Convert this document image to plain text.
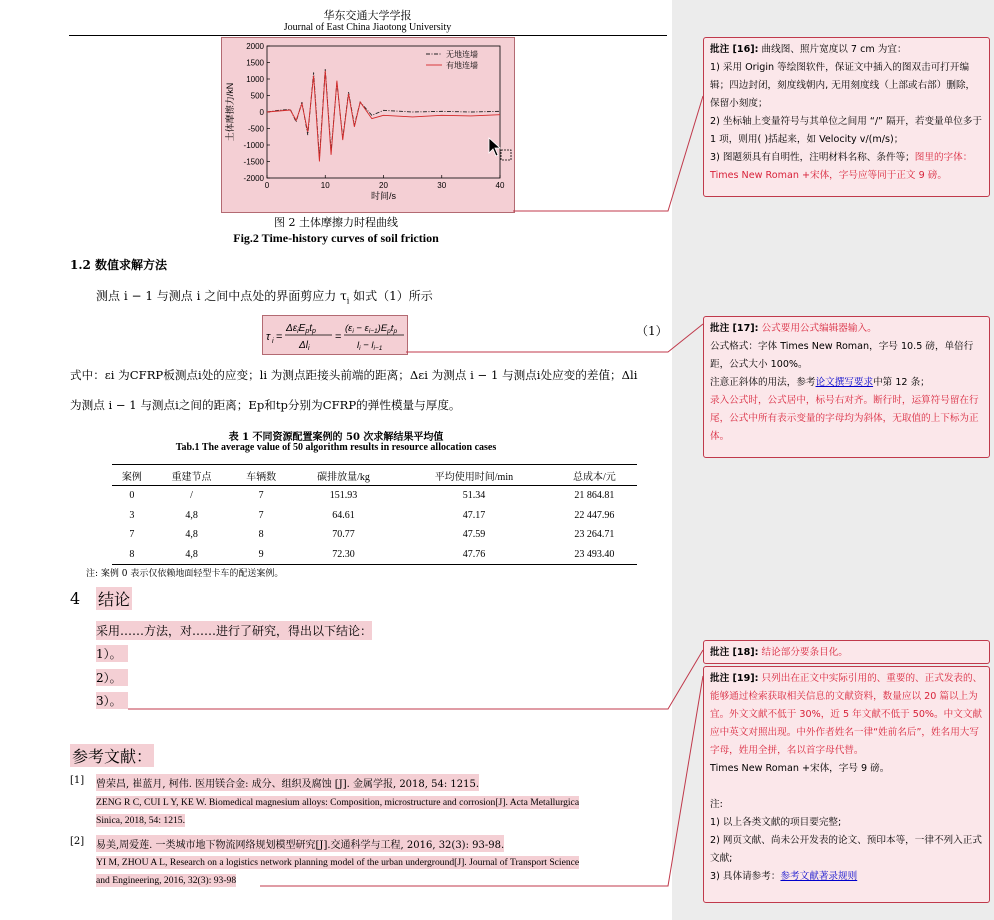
华东交通大学学报
Journal of East China Jiaotong University
0	10	20	30	40
2000
1500
1000
500
0
-500
-1000
-1500
-2000
时间/s
土体摩擦力/kN
无地连墙
有地连墙
图 2 土体摩擦力时程曲线
Fig.2 Time-history curves of soil friction
1.2 数值求解方法
测点 i − 1 与测点 i 之间中点处的界面剪应力 $\tau_i$ 如式（1）所示
τ i =
$\Delta\varepsilon_iE_pt_p$
$\Delta l_i$
=
$(\varepsilon_i - \varepsilon_{i-1})E_pt_p$
$l_i - l_{i-1}$
（1）
式中：εi 为CFRP板测点i处的应变；li 为测点距接头前端的距离；Δεi 为测点 i − 1 与测点i处应变的差值；Δli
为测点 i − 1 与测点i之间的距离；Ep和tp分别为CFRP的弹性模量与厚度。
表 1 不同资源配置案例的 50 次求解结果平均值
Tab.1 The average value of 50 algorithm results in resource allocation cases
案例	重建节点	车辆数	碳排放量/kg	平均使用时间/min	总成本/元
0	/	7	151.93	51.34	21 864.81
3	4,8	7	64.61	47.17	22 447.96
7	4,8	8	70.77	47.59	23 264.71
8	4,8	9	72.30	47.76	23 493.40
注: 案例 0 表示仅依赖地面轻型卡车的配送案例。
4 结论
采用……方法，对……进行了研究，得出以下结论：
1）。
2）。
3）。
参考文献：
[1] 曾荣昌, 崔蓝月, 柯伟. 医用镁合金: 成分、组织及腐蚀 [J]. 金属学报, 2018, 54: 1215.
ZENG R C, CUI L Y, KE W. Biomedical magnesium alloys: Composition, microstructure and corrosion[J]. Acta Metallurgica
Sinica, 2018, 54: 1215.
[2] 易美,周爱莲. 一类城市地下物流网络规划模型研究[J].交通科学与工程, 2016, 32(3): 93-98.
YI M, ZHOU A L, Research on a logistics network planning model of the urban underground[J]. Journal of Transport Science
and Engineering, 2016, 32(3): 93-98
批注 [16]: 曲线图、照片宽度以 7 cm 为宜：
1) 采用 Origin 等绘图软件，保证文中插入的图双击可打开编辑；四边封闭，刻度线朝内, 无用刻度线（上部或右部）删除，保留小刻度；
2) 坐标轴上变量符号与其单位之间用 “/” 隔开，若变量单位多于 1 项，则用( )括起来，如 Velocity v/(m/s)；
3) 图题须具有自明性，注明材料名称、条件等；图里的字体：Times New Roman +宋体，字号应等同于正文 9 磅。
批注 [17]: 公式要用公式编辑器输入。
公式格式：字体 Times New Roman，字号 10.5 磅，单倍行距，公式大小 100%。
注意正斜体的用法，参考论文撰写要求中第 12 条；
录入公式时，公式居中，标号右对齐。断行时，运算符号留在行尾，公式中所有表示变量的字母均为斜体，无取值的上下标为正体。
批注 [18]: 结论部分要条目化。
批注 [19]: 只列出在正文中实际引用的、重要的、正式发表的、能够通过检索获取相关信息的文献资料，数量应以 20 篇以上为宜。外文文献不低于 30%，近 5 年文献不低于 50%。中文文献应中英文对照出现。中外作者姓名一律“姓前名后”，姓名用大写字母，姓用全拼，名以首字母代替。
Times New Roman +宋体，字号 9 磅。

注:
1) 以上各类文献的项目要完整;
2) 网页文献、尚未公开发表的论文、预印本等，一律不列入正式文献;
3) 具体请参考：参考文献著录规则
